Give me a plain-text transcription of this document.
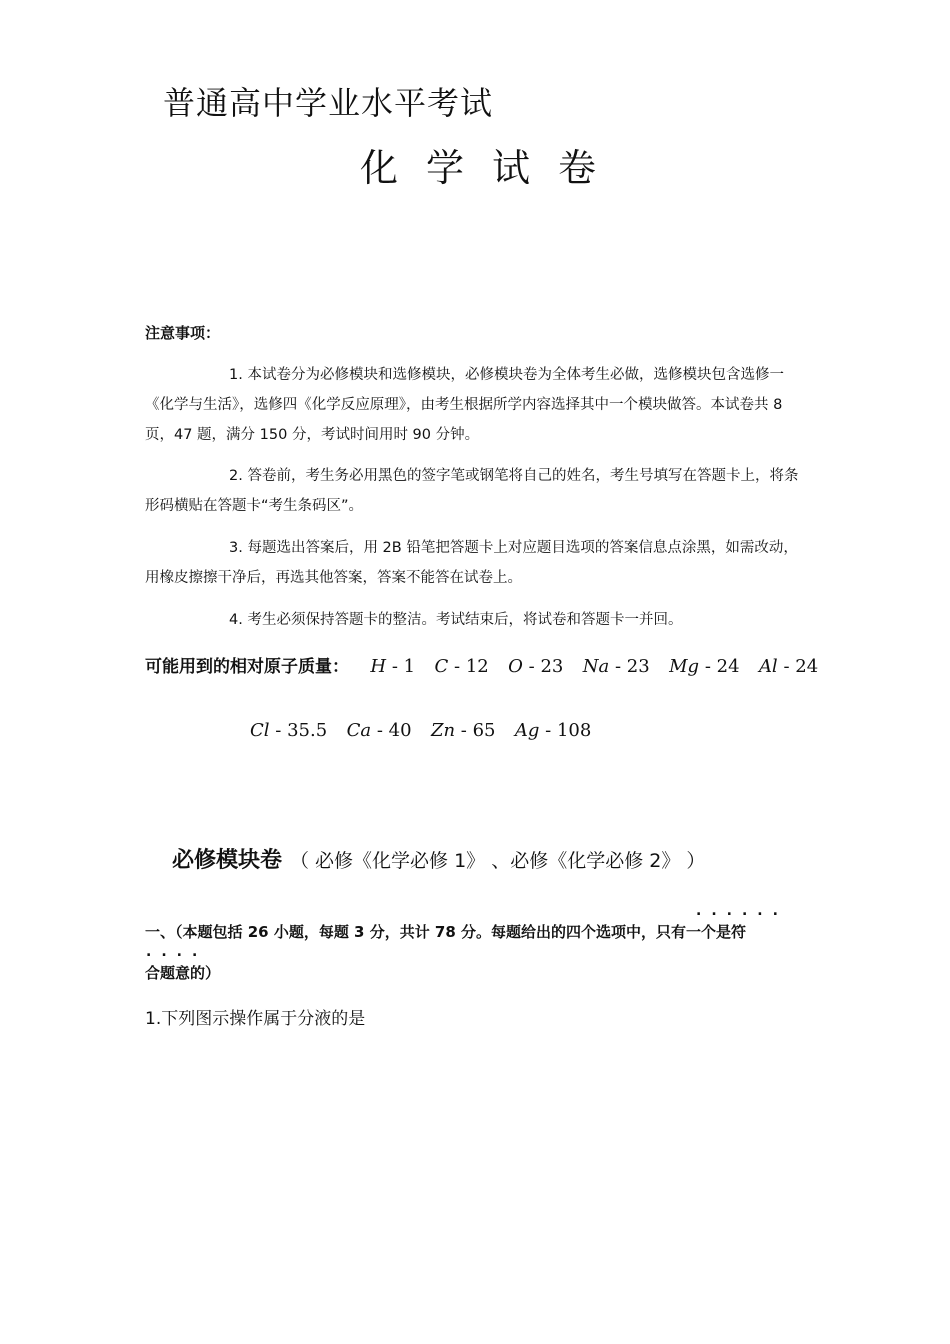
普通高中学业水平考试
化学试卷
注意事项：
1. 本试卷分为必修模块和选修模块，必修模块卷为全体考生必做，选修模块包含选修一《化学与生活》，选修四《化学反应原理》，由考生根据所学内容选择其中一个模块做答。本试卷共 8 页，47 题，满分 150 分，考试时间用时 90 分钟。
2. 答卷前，考生务必用黑色的签字笔或钢笔将自己的姓名，考生号填写在答题卡上，将条形码横贴在答题卡“考生条码区”。
3. 每题选出答案后，用 2B 铅笔把答题卡上对应题目选项的答案信息点涂黑，如需改动，用橡皮擦擦干净后，再选其他答案，答案不能答在试卷上。
4. 考生必须保持答题卡的整洁。考试结束后，将试卷和答题卡一并回。
可能用到的相对原子质量： H - 1 C - 12 O - 23 Na - 23 Mg - 24 Al - 24
Cl - 35.5 Ca - 40 Zn - 65 Ag - 108
必修模块卷 （ 必修《化学必修 1》 、必修《化学必修 2》 ）
......
一、（本题包括 26 小题，每题 3 分，共计 78 分。每题给出的四个选项中，只有一个是符
....
合题意的）
1.下列图示操作属于分液的是
